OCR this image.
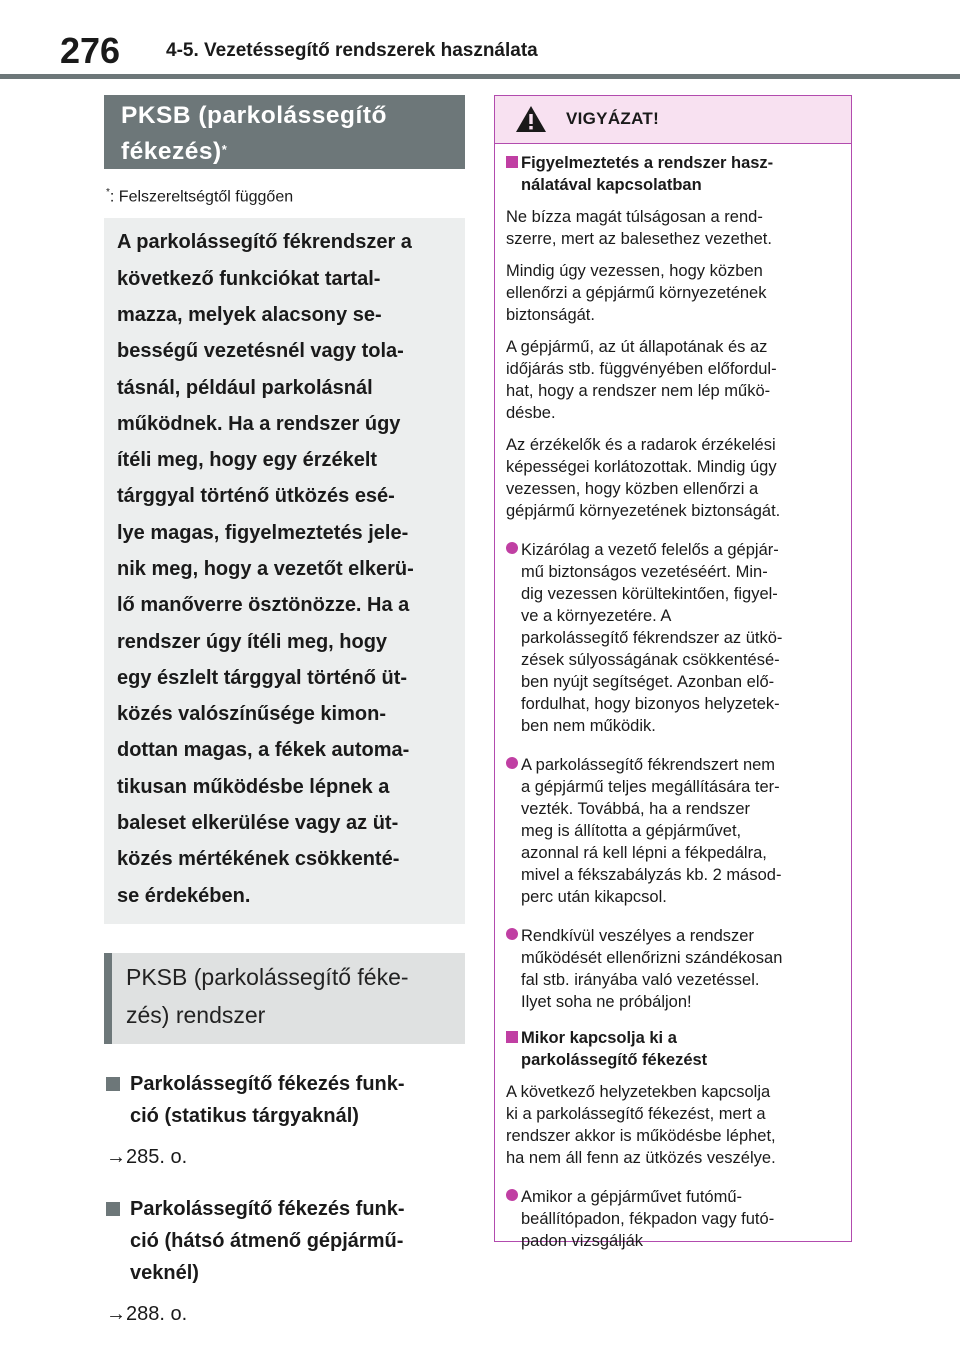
276 4-5. Vezetéssegítő rendszerek használata
PKSB (parkolássegítő
fékezés)*
*: Felszereltségtől függően
A parkolássegítő fékrendszer a
következő funkciókat tartal-
mazza, melyek alacsony se-
bességű vezetésnél vagy tola-
tásnál, például parkolásnál
működnek. Ha a rendszer úgy
ítéli meg, hogy egy érzékelt
tárggyal történő ütközés esé-
lye magas, figyelmeztetés jele-
nik meg, hogy a vezetőt elkerü-
lő manőverre ösztönözze. Ha a
rendszer úgy ítéli meg, hogy
egy észlelt tárggyal történő üt-
közés valószínűsége kimon-
dottan magas, a fékek automa-
tikusan működésbe lépnek a
baleset elkerülése vagy az üt-
közés mértékének csökkenté-
se érdekében.
PKSB (parkolássegítő féke-
zés) rendszer
Parkolássegítő fékezés funk-
ció (statikus tárgyaknál)
→285. o.
Parkolássegítő fékezés funk-
ció (hátsó átmenő gépjármű-
veknél)
→288. o.
VIGYÁZAT!
Figyelmeztetés a rendszer hasz-
nálatával kapcsolatban
Ne bízza magát túlságosan a rend-
szerre, mert az balesethez vezethet.
Mindig úgy vezessen, hogy közben
ellenőrzi a gépjármű környezetének
biztonságát.
A gépjármű, az út állapotának és az
időjárás stb. függvényében előfordul-
hat, hogy a rendszer nem lép műkö-
désbe.
Az érzékelők és a radarok érzékelési
képességei korlátozottak. Mindig úgy
vezessen, hogy közben ellenőrzi a
gépjármű környezetének biztonságát.
Kizárólag a vezető felelős a gépjár-
mű biztonságos vezetéséért. Min-
dig vezessen körültekintően, figyel-
ve a környezetére. A
parkolássegítő fékrendszer az ütkö-
zések súlyosságának csökkentésé-
ben nyújt segítséget. Azonban elő-
fordulhat, hogy bizonyos helyzetek-
ben nem működik.
A parkolássegítő fékrendszert nem
a gépjármű teljes megállítására ter-
vezték. Továbbá, ha a rendszer
meg is állította a gépjárművet,
azonnal rá kell lépni a fékpedálra,
mivel a fékszabályzás kb. 2 másod-
perc után kikapcsol.
Rendkívül veszélyes a rendszer
működését ellenőrizni szándékosan
fal stb. irányába való vezetéssel.
Ilyet soha ne próbáljon!
Mikor kapcsolja ki a
parkolássegítő fékezést
A következő helyzetekben kapcsolja
ki a parkolássegítő fékezést, mert a
rendszer akkor is működésbe léphet,
ha nem áll fenn az ütközés veszélye.
Amikor a gépjárművet futómű-
beállítópadon, fékpadon vagy futó-
padon vizsgálják
